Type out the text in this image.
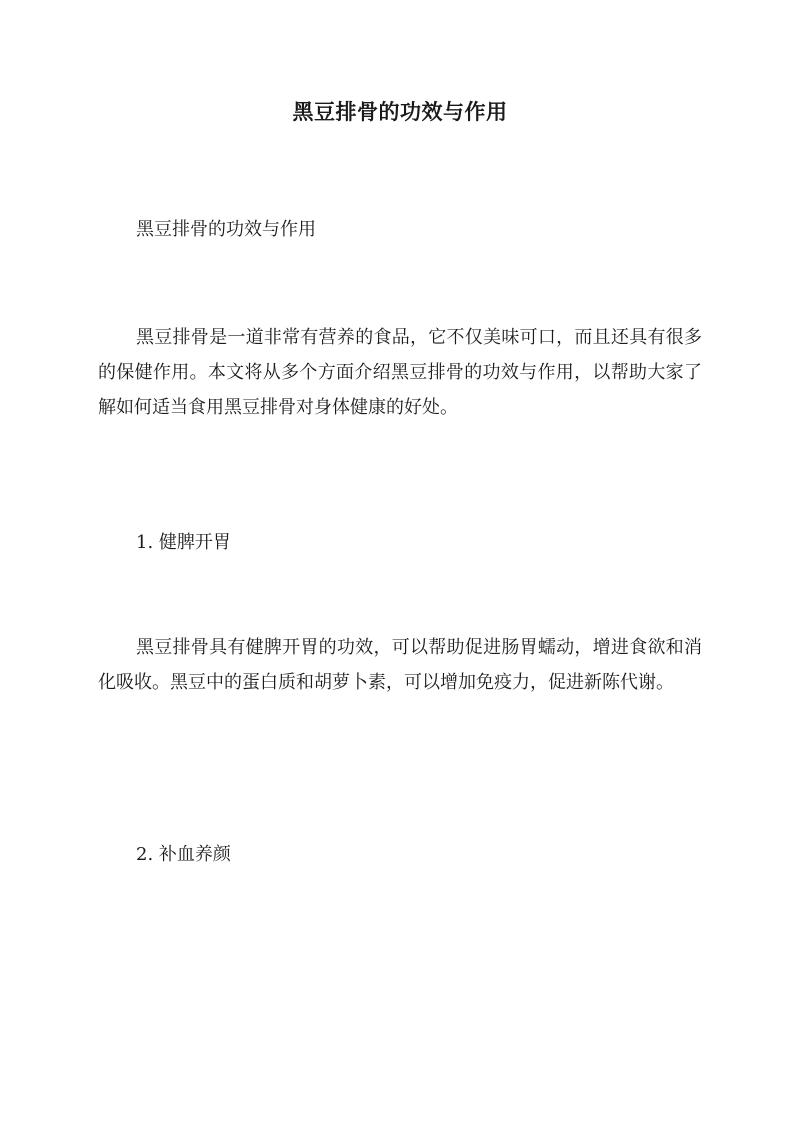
黑豆排骨的功效与作用

黑豆排骨的功效与作用

黑豆排骨是一道非常有营养的食品，它不仅美味可口，而且还具有很多的保健作用。本文将从多个方面介绍黑豆排骨的功效与作用，以帮助大家了解如何适当食用黑豆排骨对身体健康的好处。

1. 健脾开胃

黑豆排骨具有健脾开胃的功效，可以帮助促进肠胃蠕动，增进食欲和消化吸收。黑豆中的蛋白质和胡萝卜素，可以增加免疫力，促进新陈代谢。

2. 补血养颜
